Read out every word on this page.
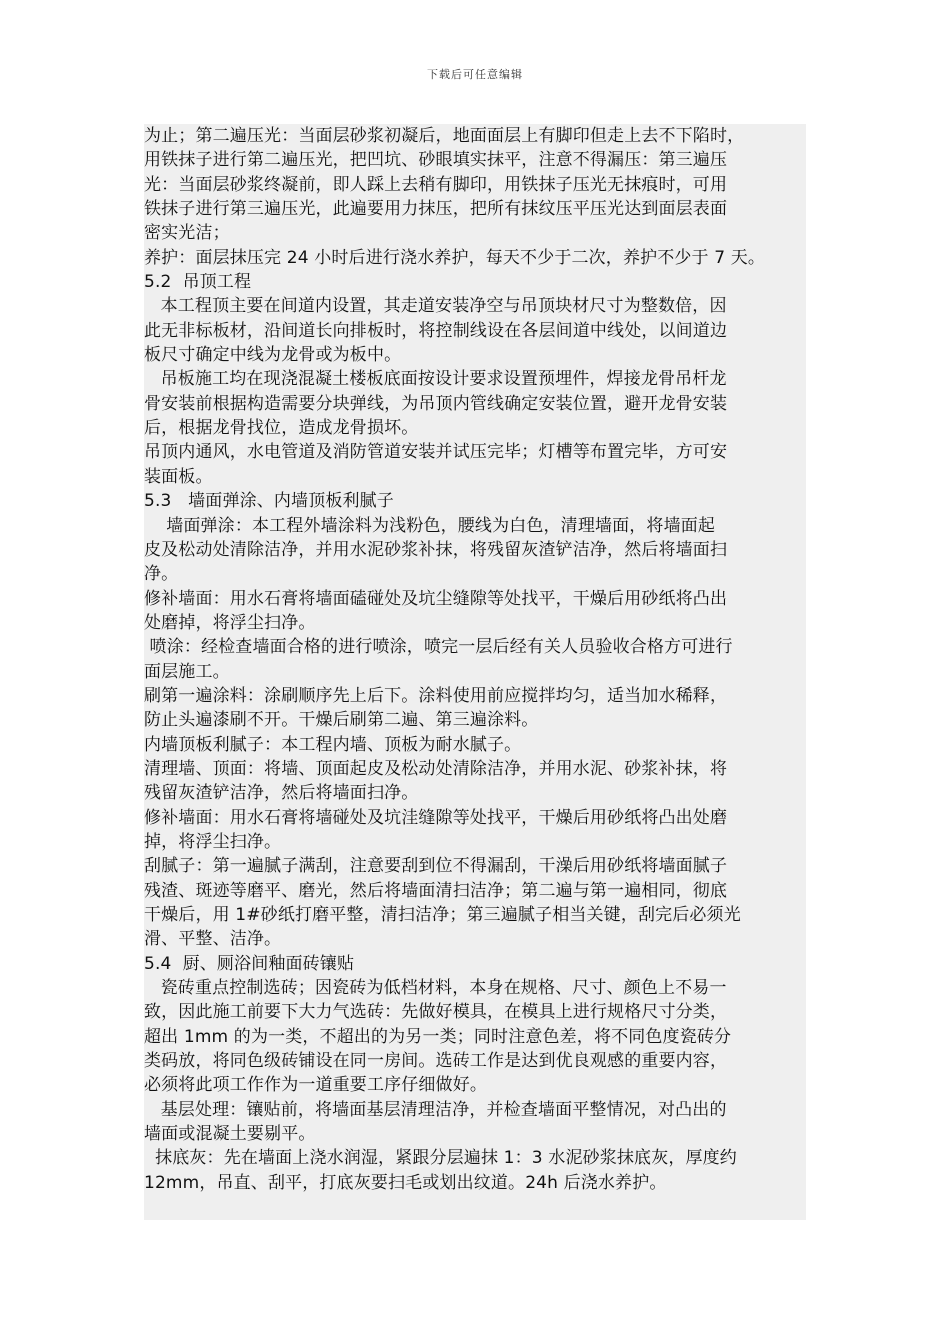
下载后可任意编辑
为止；第二遍压光：当面层砂浆初凝后，地面面层上有脚印但走上去不下陷时，
用铁抹子进行第二遍压光，把凹坑、砂眼填实抹平，注意不得漏压：第三遍压
光：当面层砂浆终凝前，即人踩上去稍有脚印，用铁抹子压光无抹痕时，可用
铁抹子进行第三遍压光，此遍要用力抹压，把所有抹纹压平压光达到面层表面
密实光洁；
养护：面层抹压完 24 小时后进行浇水养护，每天不少于二次，养护不少于 7 天。
5.2  吊顶工程
本工程顶主要在间道内设置，其走道安装净空与吊顶块材尺寸为整数倍，因
此无非标板材，沿间道长向排板时，将控制线设在各层间道中线处，以间道边
板尺寸确定中线为龙骨或为板中。
吊板施工均在现浇混凝土楼板底面按设计要求设置预埋件，焊接龙骨吊杆龙
骨安装前根据构造需要分块弹线，为吊顶内管线确定安装位置，避开龙骨安装
后，根据龙骨找位，造成龙骨损坏。
吊顶内通风，水电管道及消防管道安装并试压完毕；灯槽等布置完毕，方可安
装面板。
5.3   墙面弹涂、内墙顶板利腻子
墙面弹涂：本工程外墙涂料为浅粉色，腰线为白色，清理墙面，将墙面起
皮及松动处清除洁净，并用水泥砂浆补抹，将残留灰渣铲洁净，然后将墙面扫
净。
修补墙面：用水石膏将墙面磕碰处及坑尘缝隙等处找平，干燥后用砂纸将凸出
处磨掉，将浮尘扫净。
喷涂：经检查墙面合格的进行喷涂，喷完一层后经有关人员验收合格方可进行
面层施工。
刷第一遍涂料：涂刷顺序先上后下。涂料使用前应搅拌均匀，适当加水稀释，
防止头遍漆刷不开。干燥后刷第二遍、第三遍涂料。
内墙顶板利腻子：本工程内墙、顶板为耐水腻子。
清理墙、顶面：将墙、顶面起皮及松动处清除洁净，并用水泥、砂浆补抹，将
残留灰渣铲洁净，然后将墙面扫净。
修补墙面：用水石膏将墙碰处及坑洼缝隙等处找平，干燥后用砂纸将凸出处磨
掉，将浮尘扫净。
刮腻子：第一遍腻子满刮，注意要刮到位不得漏刮，干澡后用砂纸将墙面腻子
残渣、斑迹等磨平、磨光，然后将墙面清扫洁净；第二遍与第一遍相同，彻底
干燥后，用 1#砂纸打磨平整，清扫洁净；第三遍腻子相当关键，刮完后必须光
滑、平整、洁净。
5.4  厨、厕浴间釉面砖镶贴
瓷砖重点控制选砖；因瓷砖为低档材料，本身在规格、尺寸、颜色上不易一
致，因此施工前要下大力气选砖：先做好模具，在模具上进行规格尺寸分类，
超出 1mm 的为一类，不超出的为另一类；同时注意色差，将不同色度瓷砖分
类码放，将同色级砖铺设在同一房间。选砖工作是达到优良观感的重要内容，
必须将此项工作作为一道重要工序仔细做好。
基层处理：镶贴前，将墙面基层清理洁净，并检查墙面平整情况，对凸出的
墙面或混凝土要剔平。
抹底灰：先在墙面上浇水润湿，紧跟分层遍抹 1：3 水泥砂浆抹底灰，厚度约
12mm，吊直、刮平，打底灰要扫毛或划出纹道。24h 后浇水养护。
